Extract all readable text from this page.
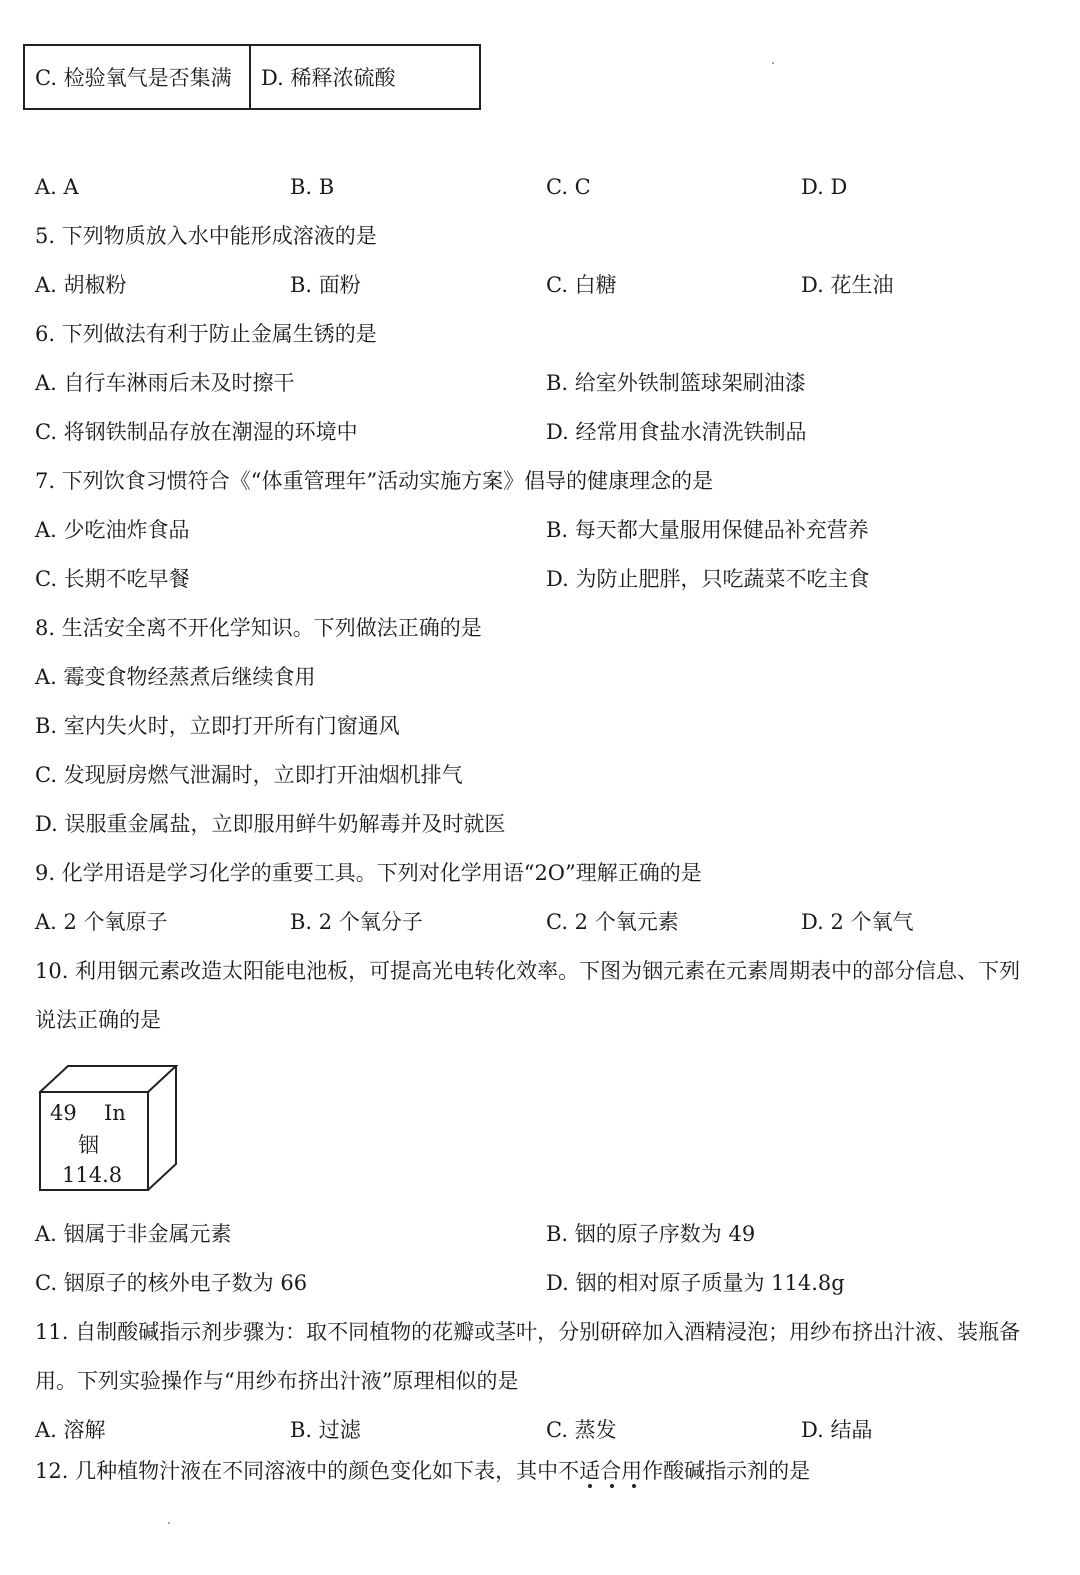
C. 检验氧气是否集满	D. 稀释浓硫酸
A. A	B. B	C. C	D. D
5. 下列物质放入水中能形成溶液的是
A. 胡椒粉	B. 面粉	C. 白糖	D. 花生油
6. 下列做法有利于防止金属生锈的是
A. 自行车淋雨后未及时擦干	B. 给室外铁制篮球架刷油漆
C. 将钢铁制品存放在潮湿的环境中	D. 经常用食盐水清洗铁制品
7. 下列饮食习惯符合《“体重管理年”活动实施方案》倡导的健康理念的是
A. 少吃油炸食品	B. 每天都大量服用保健品补充营养
C. 长期不吃早餐	D. 为防止肥胖，只吃蔬菜不吃主食
8. 生活安全离不开化学知识。下列做法正确的是
A. 霉变食物经蒸煮后继续食用
B. 室内失火时，立即打开所有门窗通风
C. 发现厨房燃气泄漏时，立即打开油烟机排气
D. 误服重金属盐，立即服用鲜牛奶解毒并及时就医
9. 化学用语是学习化学的重要工具。下列对化学用语“2O”理解正确的是
A. 2 个氧原子	B. 2 个氧分子	C. 2 个氧元素	D. 2 个氧气
10. 利用铟元素改造太阳能电池板，可提高光电转化效率。下图为铟元素在元素周期表中的部分信息、下列
说法正确的是
49 In
铟
114.8
A. 铟属于非金属元素	B. 铟的原子序数为 49
C. 铟原子的核外电子数为 66	D. 铟的相对原子质量为 114.8g
11. 自制酸碱指示剂步骤为：取不同植物的花瓣或茎叶，分别研碎加入酒精浸泡；用纱布挤出汁液、装瓶备
用。下列实验操作与“用纱布挤出汁液”原理相似的是
A. 溶解	B. 过滤	C. 蒸发	D. 结晶
12. 几种植物汁液在不同溶液中的颜色变化如下表，其中不适合用作酸碱指示剂的是
